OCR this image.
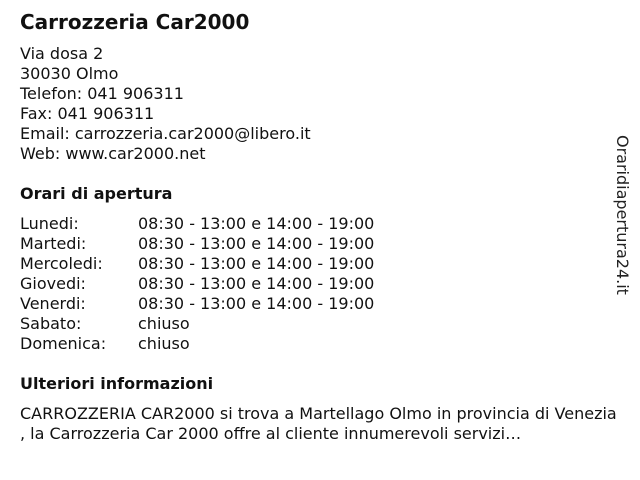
Carrozzeria Car2000
Via dosa 2
30030 Olmo
Telefon: 041 906311
Fax: 041 906311
Email: carrozzeria.car2000@libero.it
Web: www.car2000.net
Orari di apertura
Lunedi:	08:30 - 13:00 e 14:00 - 19:00
Martedi:	08:30 - 13:00 e 14:00 - 19:00
Mercoledi:	08:30 - 13:00 e 14:00 - 19:00
Giovedi:	08:30 - 13:00 e 14:00 - 19:00
Venerdi:	08:30 - 13:00 e 14:00 - 19:00
Sabato:	chiuso
Domenica:	chiuso
Ulteriori informazioni
CARROZZERIA CAR2000 si trova a Martellago Olmo in provincia di Venezia , la Carrozzeria Car 2000 offre al cliente innumerevoli servizi…
Oraridiapertura24.it
